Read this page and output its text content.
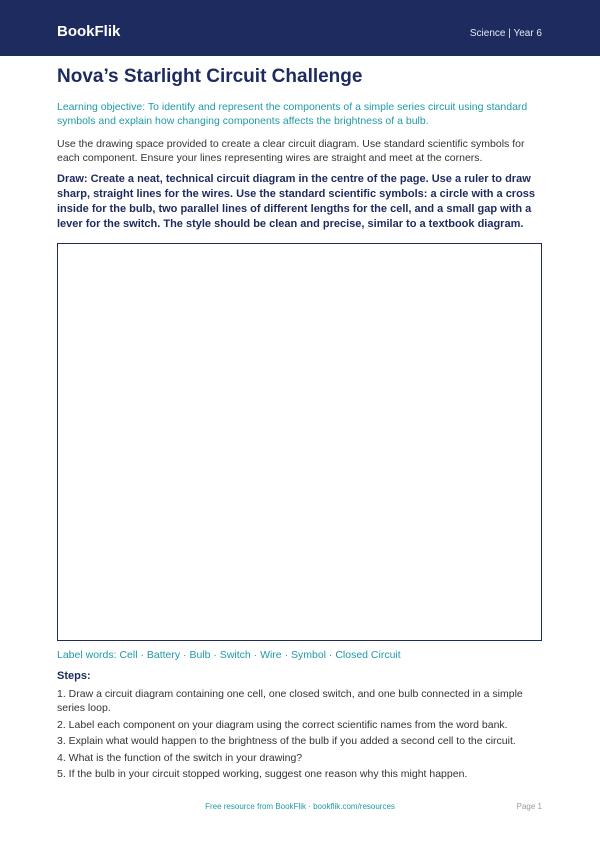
BookFlik	Science | Year 6
Nova’s Starlight Circuit Challenge

Learning objective: To identify and represent the components of a simple series circuit using standard symbols and explain how changing components affects the brightness of a bulb.

Use the drawing space provided to create a clear circuit diagram. Use standard scientific symbols for each component. Ensure your lines representing wires are straight and meet at the corners.

Draw: Create a neat, technical circuit diagram in the centre of the page. Use a ruler to draw sharp, straight lines for the wires. Use the standard scientific symbols: a circle with a cross inside for the bulb, two parallel lines of different lengths for the cell, and a small gap with a lever for the switch. The style should be clean and precise, similar to a textbook diagram.

Label words: Cell · Battery · Bulb · Switch · Wire · Symbol · Closed Circuit

Steps:

1. Draw a circuit diagram containing one cell, one closed switch, and one bulb connected in a simple series loop.
2. Label each component on your diagram using the correct scientific names from the word bank.
3. Explain what would happen to the brightness of the bulb if you added a second cell to the circuit.
4. What is the function of the switch in your drawing?
5. If the bulb in your circuit stopped working, suggest one reason why this might happen.
Free resource from BookFlik · bookflik.com/resources	Page 1
